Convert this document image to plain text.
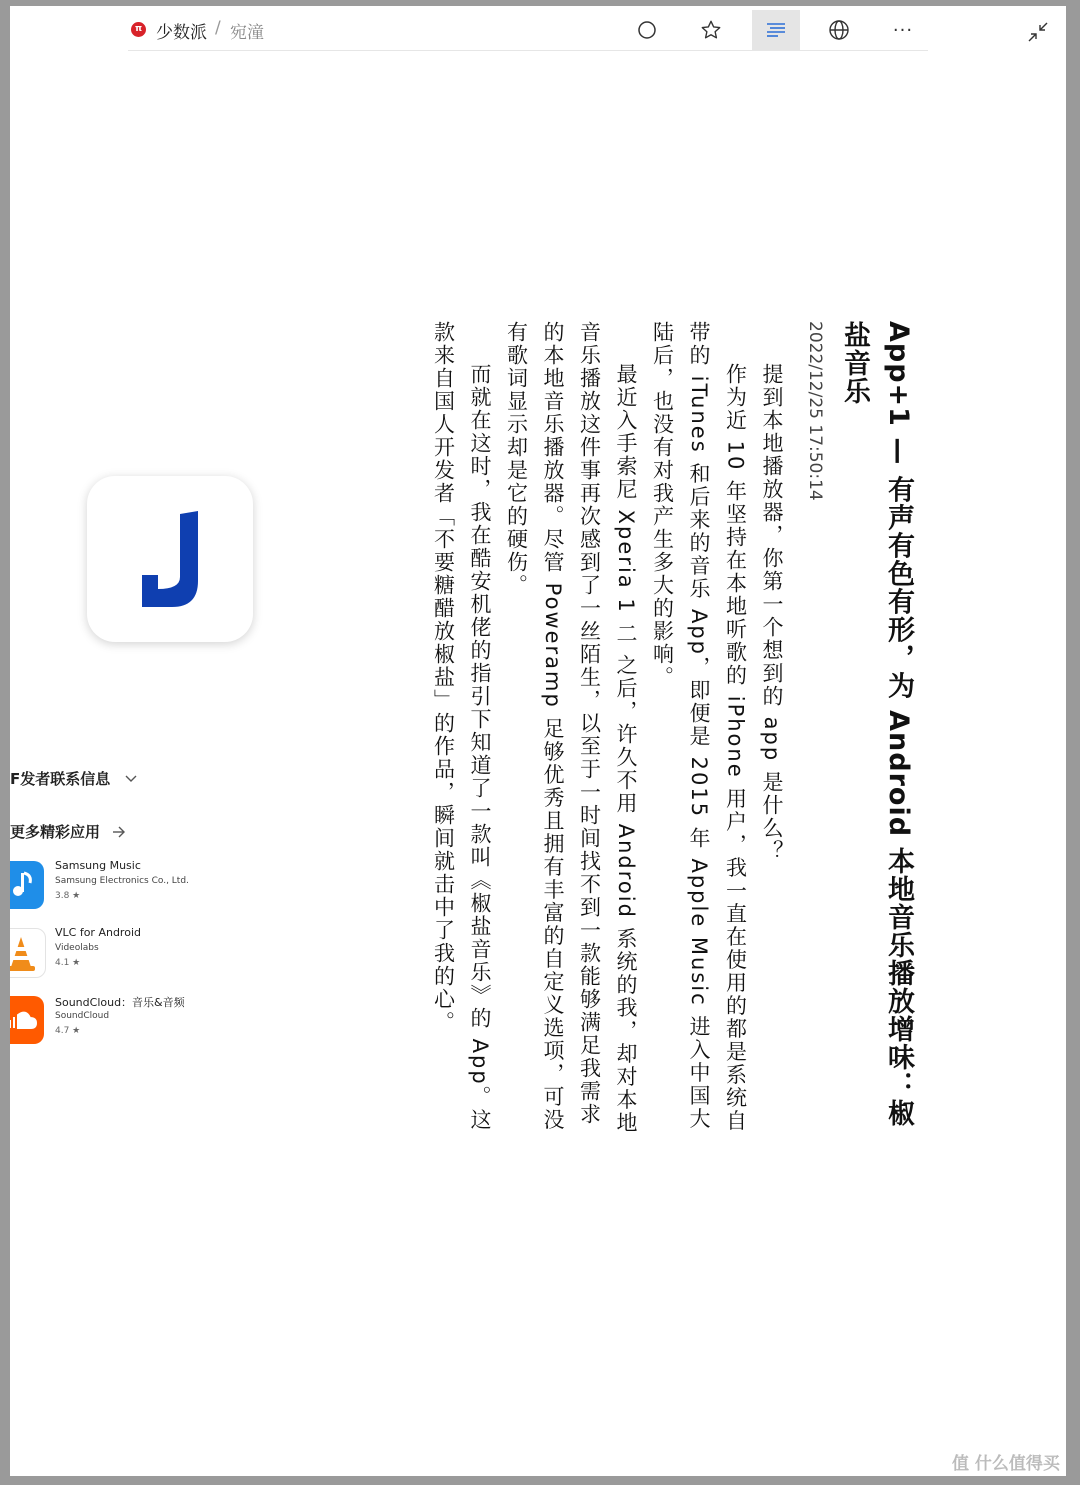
π 少数派 / 宛潼	···
F发者联系信息
更多精彩应用
Samsung Music
Samsung Electronics Co., Ltd.
3.8 ★
VLC for Android
Videolabs
4.1 ★
SoundCloud：音乐&音频
SoundCloud
4.7 ★	App+1 — 有声有色有形，为 Android 本地音乐播放增味：椒盐音乐
2022/12/25 17:50:14

提到本地播放器，你第一个想到的 app 是什么？

作为近 10 年坚持在本地听歌的 iPhone 用户，我一直在使用的都是系统自带的 iTunes 和后来的音乐 App，即便是 2015 年 Apple Music 进入中国大陆后，也没有对我产生多大的影响。

最近入手索尼 Xperia 1 二 之后，许久不用 Android 系统的我，却对本地音乐播放这件事再次感到了一丝陌生，以至于一时间找不到一款能够满足我需求的本地音乐播放器。尽管 Poweramp 足够优秀且拥有丰富的自定义选项，可没有歌词显示却是它的硬伤。

而就在这时，我在酷安机佬的指引下知道了一款叫《椒盐音乐》的 App。这款来自国人开发者「不要糖醋放椒盐」的作品，瞬间就击中了我的心。

值 什么值得买
